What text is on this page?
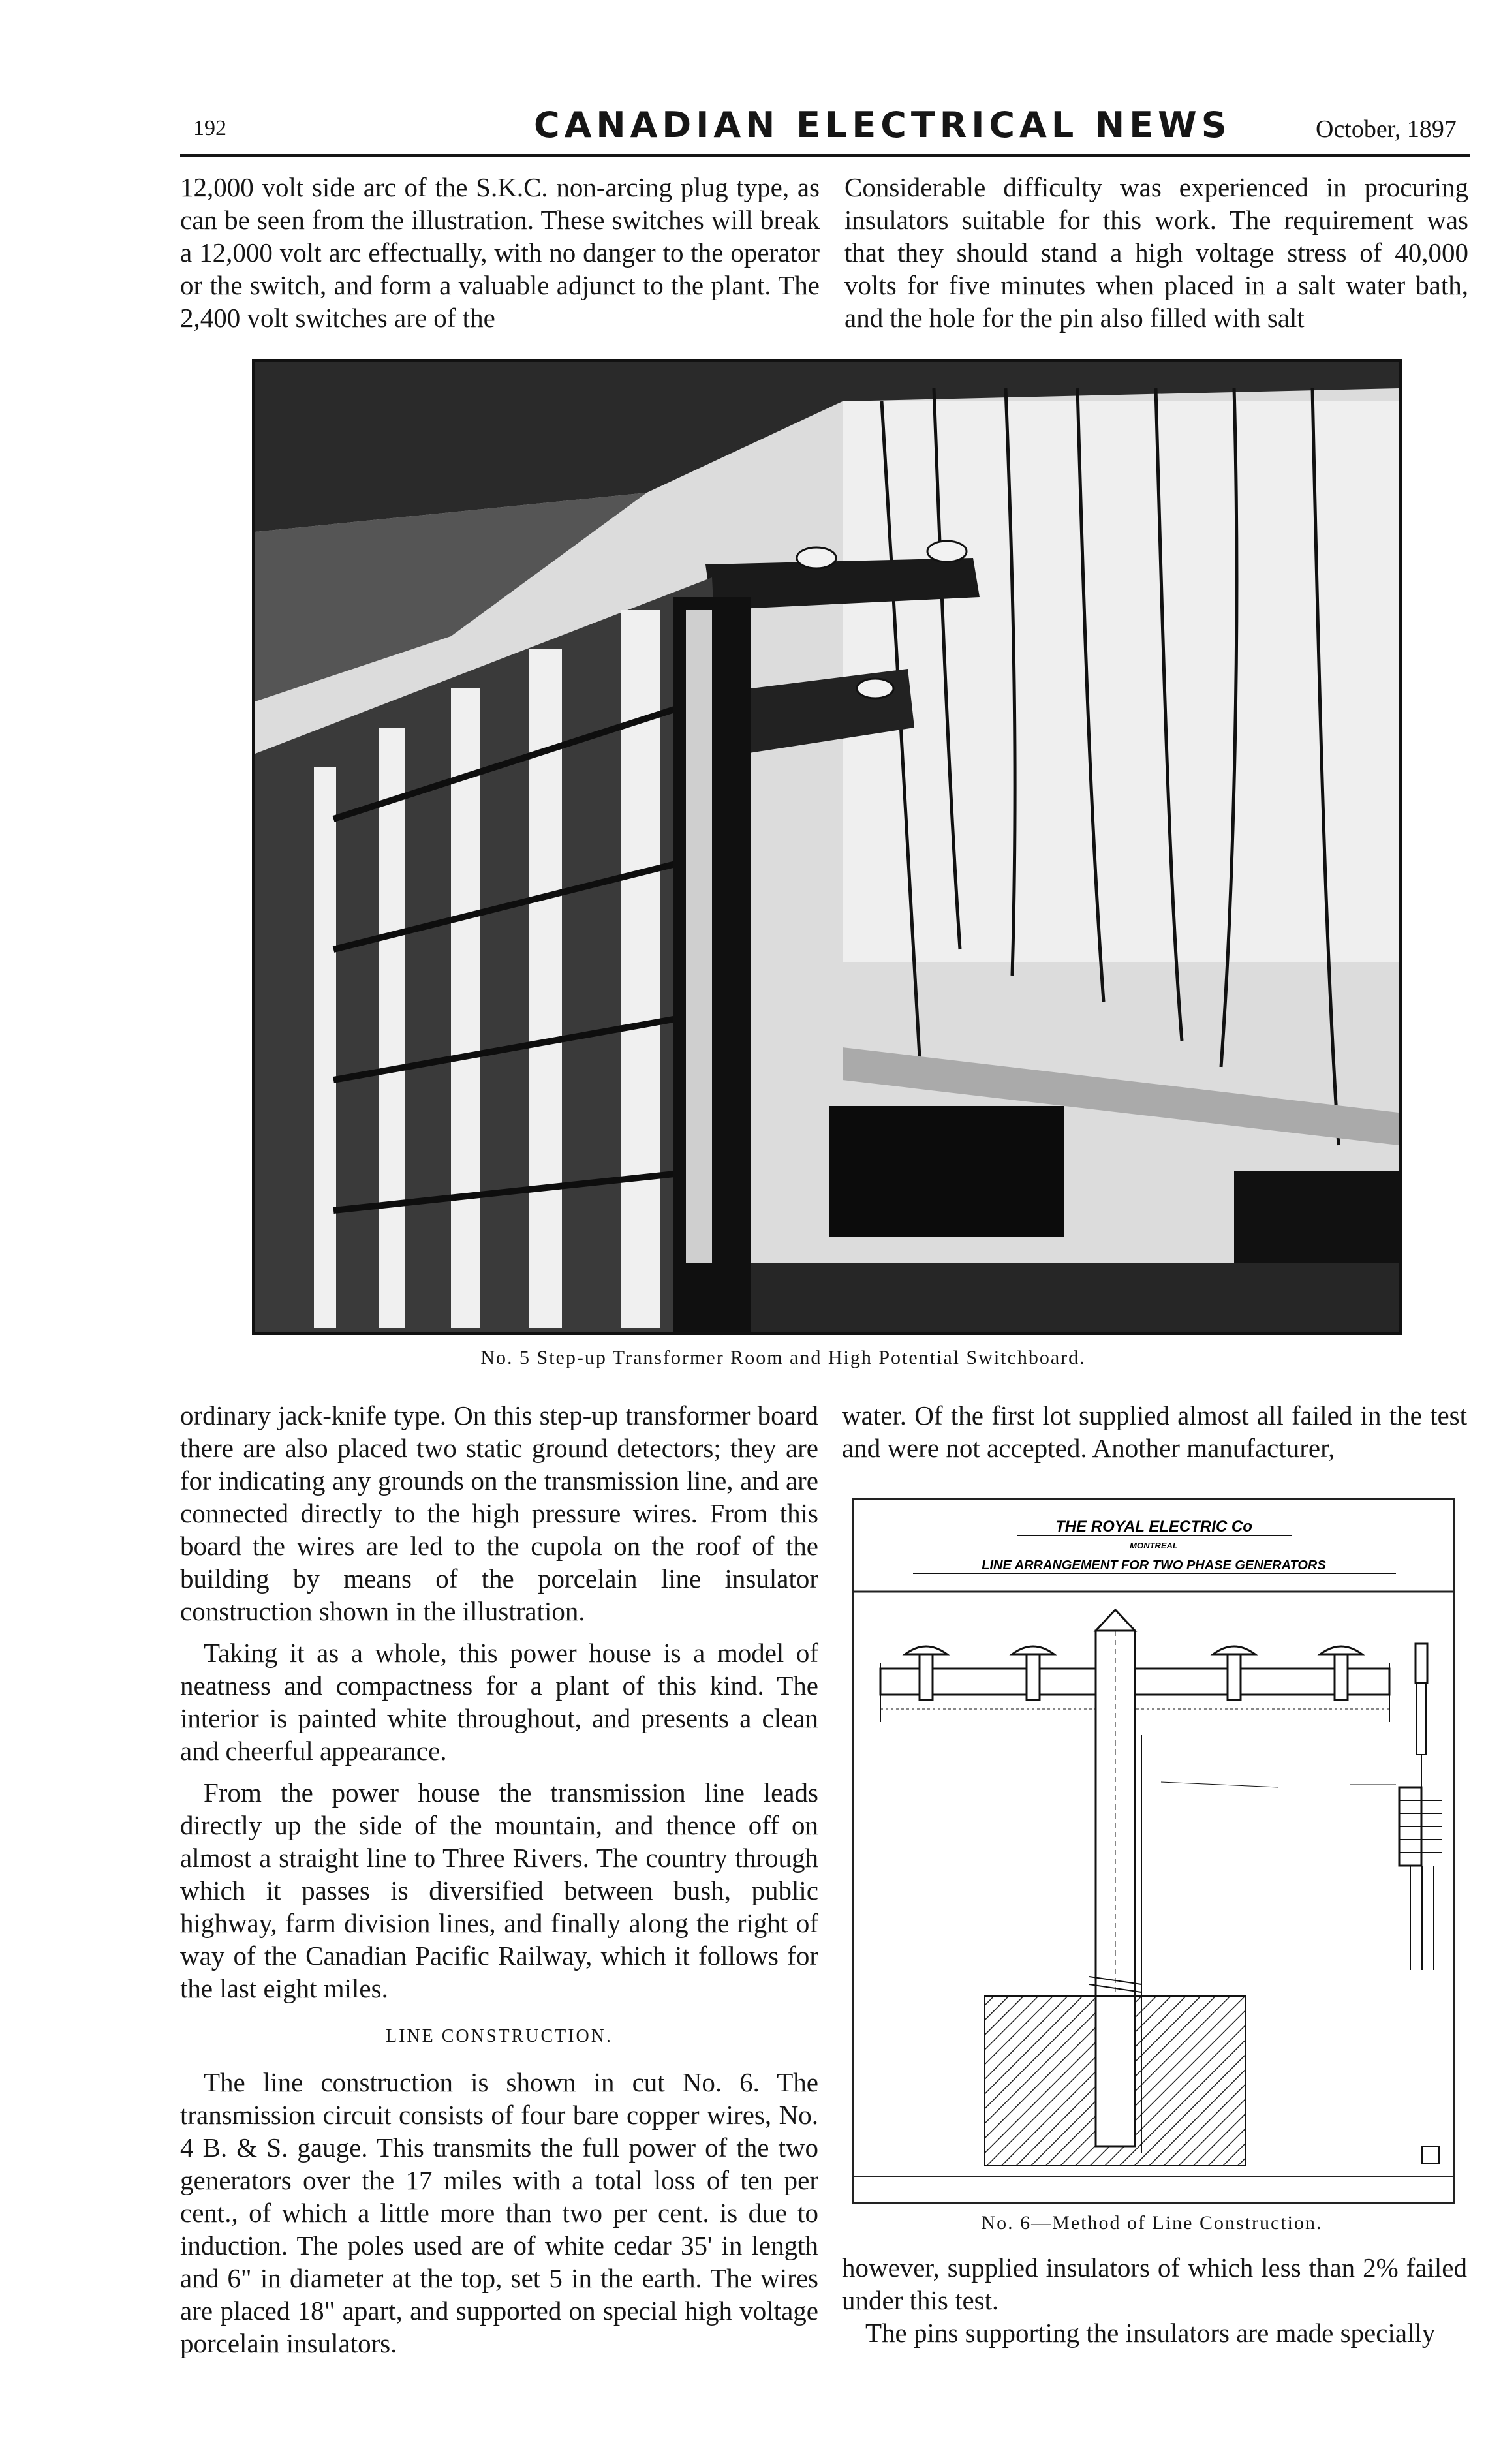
192	CANADIAN ELECTRICAL NEWS	October, 1897

12,000 volt side arc of the S.K.C. non-arcing plug type, as can be seen from the illustration. These switches will break a 12,000 volt arc effectually, with no danger to the operator or the switch, and form a valuable adjunct to the plant. The 2,400 volt switches are of the

Considerable difficulty was experienced in procuring insulators suitable for this work. The requirement was that they should stand a high voltage stress of 40,000 volts for five minutes when placed in a salt water bath, and the hole for the pin also filled with salt

No. 5 Step-up Transformer Room and High Potential Switchboard.

ordinary jack-knife type. On this step-up transformer board there are also placed two static ground detectors; they are for indicating any grounds on the transmission line, and are connected directly to the high pressure wires. From this board the wires are led to the cupola on the roof of the building by means of the porcelain line insulator construction shown in the illustration.

Taking it as a whole, this power house is a model of neatness and compactness for a plant of this kind. The interior is painted white throughout, and presents a clean and cheerful appearance.

From the power house the transmission line leads directly up the side of the mountain, and thence off on almost a straight line to Three Rivers. The country through which it passes is diversified between bush, public highway, farm division lines, and finally along the right of way of the Canadian Pacific Railway, which it follows for the last eight miles.

LINE CONSTRUCTION.

The line construction is shown in cut No. 6. The transmission circuit consists of four bare copper wires, No. 4 B. & S. gauge. This transmits the full power of the two generators over the 17 miles with a total loss of ten per cent., of which a little more than two per cent. is due to induction. The poles used are of white cedar 35' in length and 6" in diameter at the top, set 5 in the earth. The wires are placed 18" apart, and supported on special high voltage porcelain insulators.

water. Of the first lot supplied almost all failed in the test and were not accepted. Another manufacturer,

THE ROYAL ELECTRIC Co
MONTREAL
LINE ARRANGEMENT FOR TWO PHASE GENERATORS
No. 6—Method of Line Construction.

however, supplied insulators of which less than 2% failed under this test.

The pins supporting the insulators are made specially
